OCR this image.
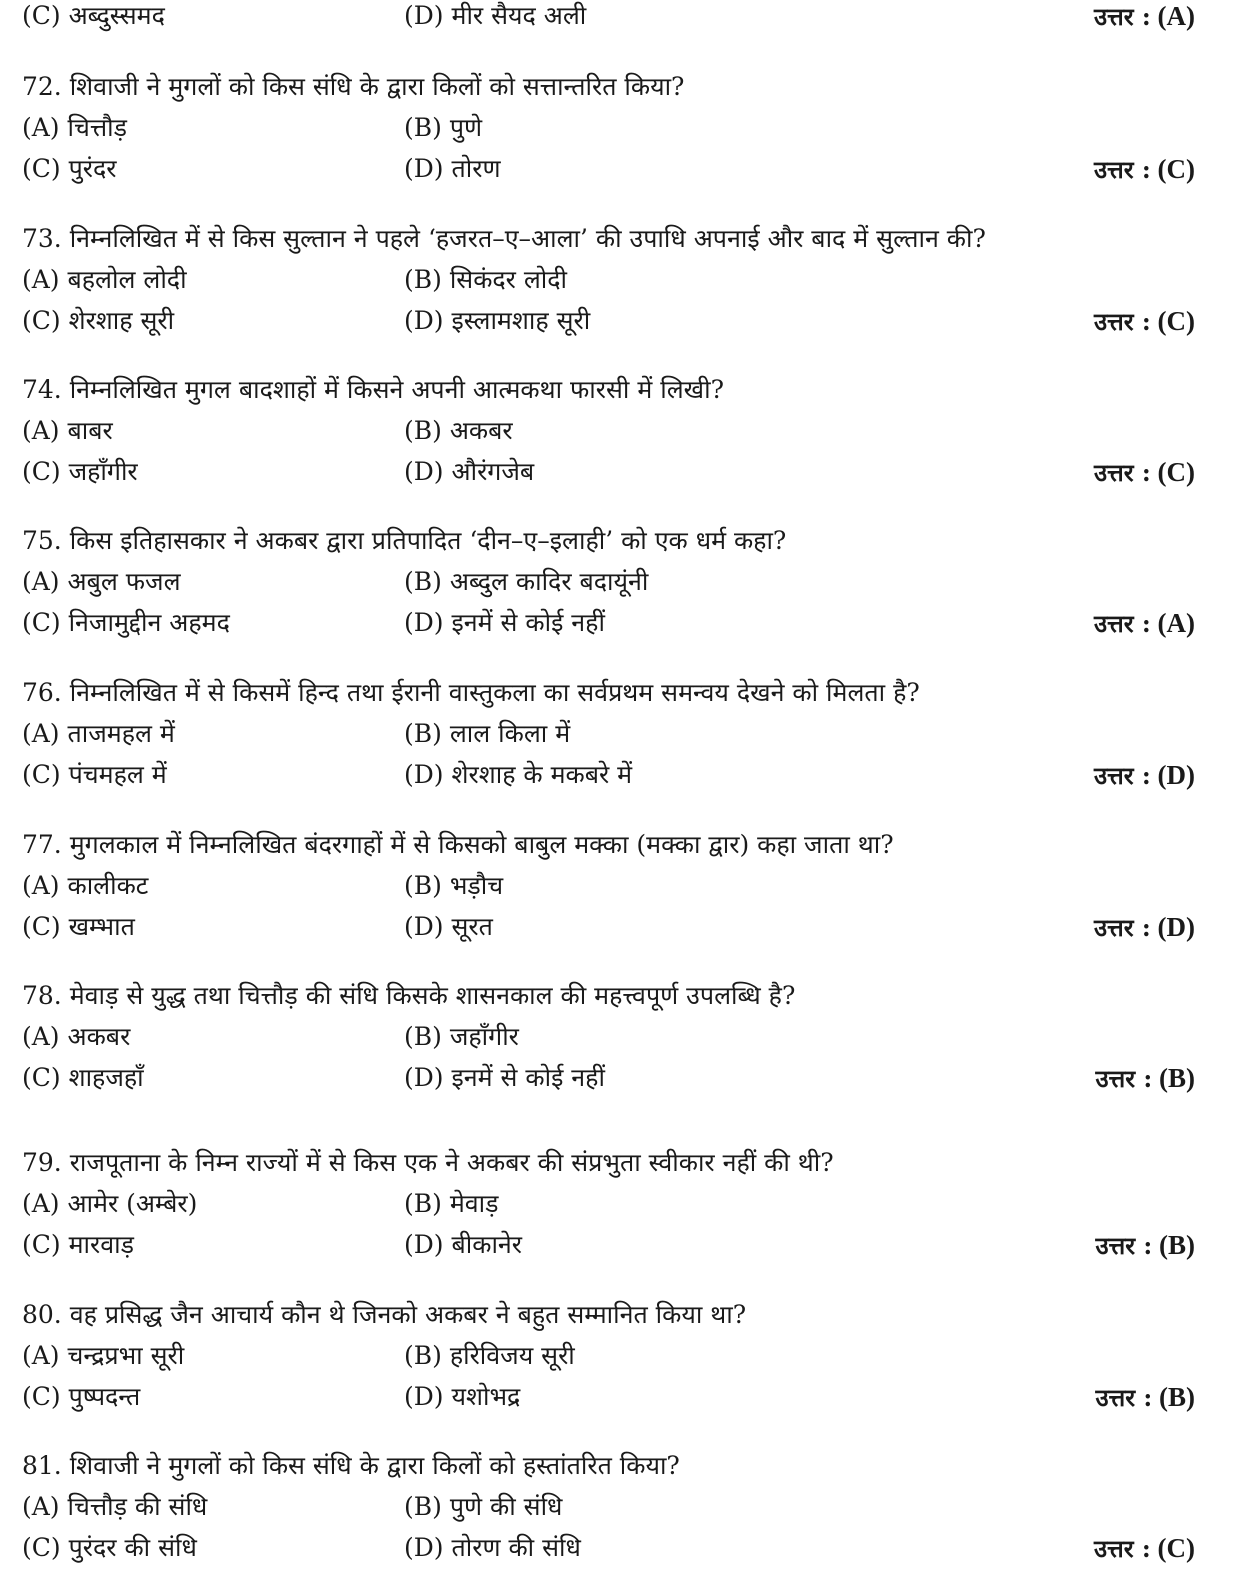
(C) अब्दुस्समद	(D) मीर सैयद अली	उत्तर : (A)
72. शिवाजी ने मुगलों को किस संधि के द्वारा किलों को सत्तान्तरित किया?
(A) चित्तौड़	(B) पुणे
(C) पुरंदर	(D) तोरण	उत्तर : (C)
73. निम्नलिखित में से किस सुल्तान ने पहले ‘हजरत–ए–आला’ की उपाधि अपनाई और बाद में सुल्तान की?
(A) बहलोल लोदी	(B) सिकंदर लोदी
(C) शेरशाह सूरी	(D) इस्लामशाह सूरी	उत्तर : (C)
74. निम्नलिखित मुगल बादशाहों में किसने अपनी आत्मकथा फारसी में लिखी?
(A) बाबर	(B) अकबर
(C) जहाँगीर	(D) औरंगजेब	उत्तर : (C)
75. किस इतिहासकार ने अकबर द्वारा प्रतिपादित ‘दीन–ए–इलाही’ को एक धर्म कहा?
(A) अबुल फजल	(B) अब्दुल कादिर बदायूंनी
(C) निजामुद्दीन अहमद	(D) इनमें से कोई नहीं	उत्तर : (A)
76. निम्नलिखित में से किसमें हिन्द तथा ईरानी वास्तुकला का सर्वप्रथम समन्वय देखने को मिलता है?
(A) ताजमहल में	(B) लाल किला में
(C) पंचमहल में	(D) शेरशाह के मकबरे में	उत्तर : (D)
77. मुगलकाल में निम्नलिखित बंदरगाहों में से किसको बाबुल मक्का (मक्का द्वार) कहा जाता था?
(A) कालीकट	(B) भड़ौच
(C) खम्भात	(D) सूरत	उत्तर : (D)
78. मेवाड़ से युद्ध तथा चित्तौड़ की संधि किसके शासनकाल की महत्त्वपूर्ण उपलब्धि है?
(A) अकबर	(B) जहाँगीर
(C) शाहजहाँ	(D) इनमें से कोई नहीं	उत्तर : (B)
79. राजपूताना के निम्न राज्यों में से किस एक ने अकबर की संप्रभुता स्वीकार नहीं की थी?
(A) आमेर (अम्बेर)	(B) मेवाड़
(C) मारवाड़	(D) बीकानेर	उत्तर : (B)
80. वह प्रसिद्ध जैन आचार्य कौन थे जिनको अकबर ने बहुत सम्मानित किया था?
(A) चन्द्रप्रभा सूरी	(B) हरिविजय सूरी
(C) पुष्पदन्त	(D) यशोभद्र	उत्तर : (B)
81. शिवाजी ने मुगलों को किस संधि के द्वारा किलों को हस्तांतरित किया?
(A) चित्तौड़ की संधि	(B) पुणे की संधि
(C) पुरंदर की संधि	(D) तोरण की संधि	उत्तर : (C)
